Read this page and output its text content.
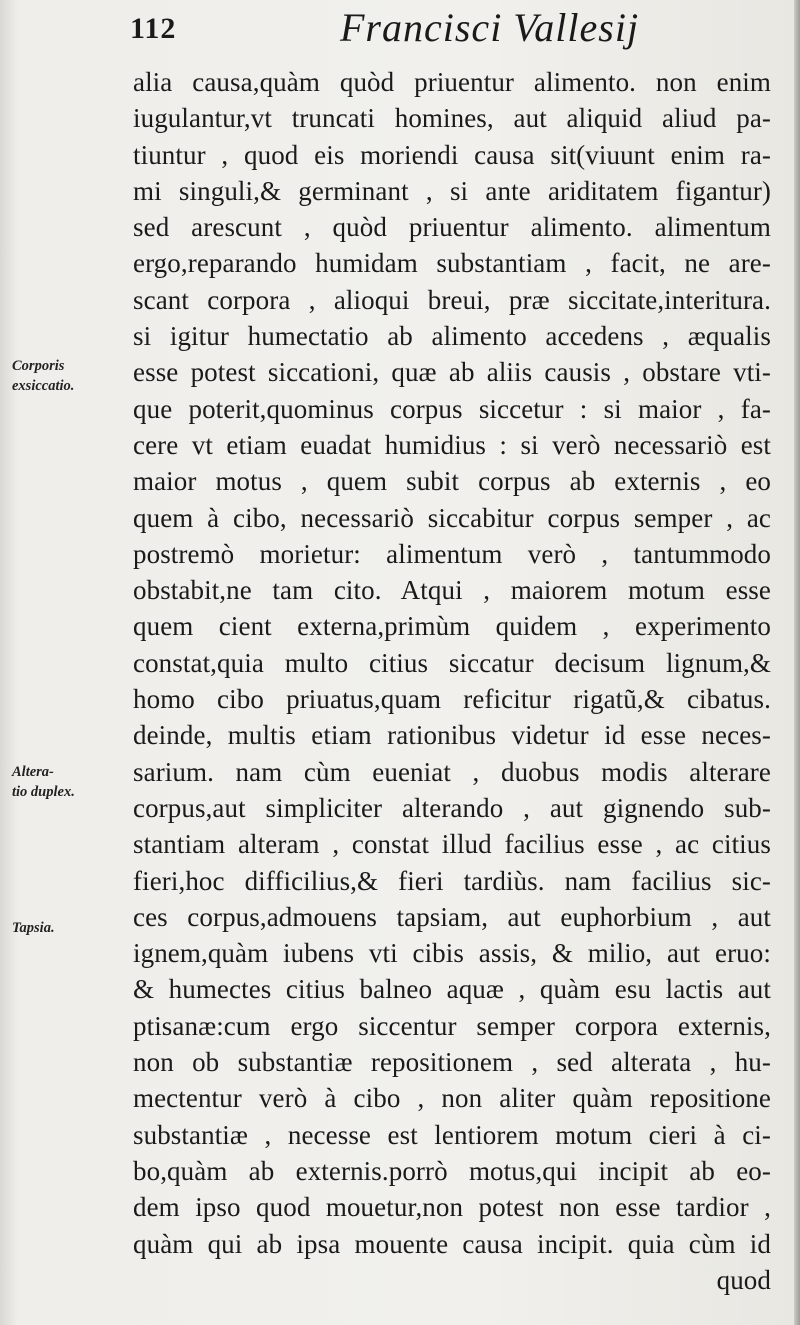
112	Francisci Vallesij
Corporis
exsiccatio.
Altera-
tio duplex.
Tapsia.
alia causa,quàm quòd priuentur alimento. non enim
iugulantur,vt truncati homines, aut aliquid aliud pa-
tiuntur , quod eis moriendi causa sit(viuunt enim ra-
mi singuli,& germinant , si ante ariditatem figantur)
sed arescunt , quòd priuentur alimento. alimentum
ergo,reparando humidam substantiam , facit, ne are-
scant corpora , alioqui breui, præ siccitate,interitura.
si igitur humectatio ab alimento accedens , æqualis
esse potest siccationi, quæ ab aliis causis , obstare vti-
que poterit,quominus corpus siccetur : si maior , fa-
cere vt etiam euadat humidius : si verò necessariò est
maior motus , quem subit corpus ab externis , eo
quem à cibo, necessariò siccabitur corpus semper , ac
postremò morietur: alimentum verò , tantummodo
obstabit,ne tam cito. Atqui , maiorem motum esse
quem cient externa,primùm quidem , experimento
constat,quia multo citius siccatur decisum lignum,&
homo cibo priuatus,quam reficitur rigatũ,& cibatus.
deinde, multis etiam rationibus videtur id esse neces-
sarium. nam cùm eueniat , duobus modis alterare
corpus,aut simpliciter alterando , aut gignendo sub-
stantiam alteram , constat illud facilius esse , ac citius
fieri,hoc difficilius,& fieri tardiùs. nam facilius sic-
ces corpus,admouens tapsiam, aut euphorbium , aut
ignem,quàm iubens vti cibis assis, & milio, aut eruo:
& humectes citius balneo aquæ , quàm esu lactis aut
ptisanæ:cum ergo siccentur semper corpora externis,
non ob substantiæ repositionem , sed alterata , hu-
mectentur verò à cibo , non aliter quàm repositione
substantiæ , necesse est lentiorem motum cieri à ci-
bo,quàm ab externis.porrò motus,qui incipit ab eo-
dem ipso quod mouetur,non potest non esse tardior ,
quàm qui ab ipsa mouente causa incipit. quia cùm id
quod
